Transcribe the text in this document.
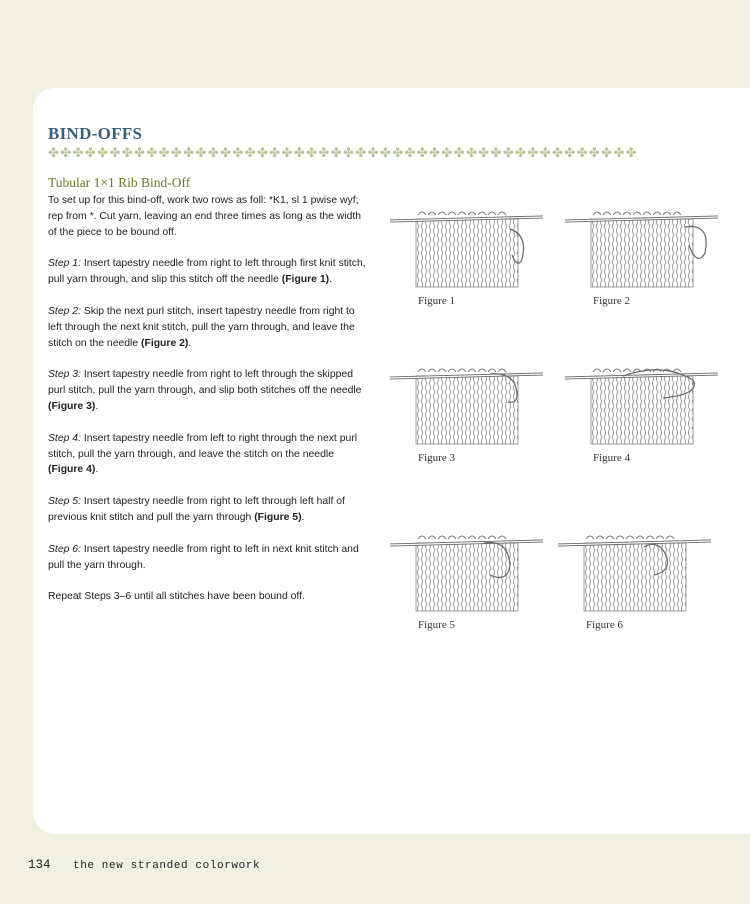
BIND-OFFS
✤✤✤✤✤✤✤✤✤✤✤✤✤✤✤✤✤✤✤✤✤✤✤✤✤✤✤✤✤✤✤✤✤✤✤✤✤✤✤✤✤✤✤✤✤✤✤✤
Tubular 1×1 Rib Bind-Off

To set up for this bind-off, work two rows as foll: *K1, sl 1 pwise wyf; rep from *. Cut yarn, leaving an end three times as long as the width of the piece to be bound off.

Step 1: Insert tapestry needle from right to left through first knit stitch, pull yarn through, and slip this stitch off the needle (Figure 1).

Step 2: Skip the next purl stitch, insert tapestry needle from right to left through the next knit stitch, pull the yarn through, and leave the stitch on the needle (Figure 2).

Step 3: Insert tapestry needle from right to left through the skipped purl stitch, pull the yarn through, and slip both stitches off the needle (Figure 3).

Step 4: Insert tapestry needle from left to right through the next purl stitch, pull the yarn through, and leave the stitch on the needle (Figure 4).

Step 5: Insert tapestry needle from right to left through left half of previous knit stitch and pull the yarn through (Figure 5).

Step 6: Insert tapestry needle from right to left in next knit stitch and pull the yarn through.

Repeat Steps 3–6 until all stitches have been bound off.

Figure 1	Figure 2
Figure 3	Figure 4
Figure 5	Figure 6
134 the new stranded colorwork
